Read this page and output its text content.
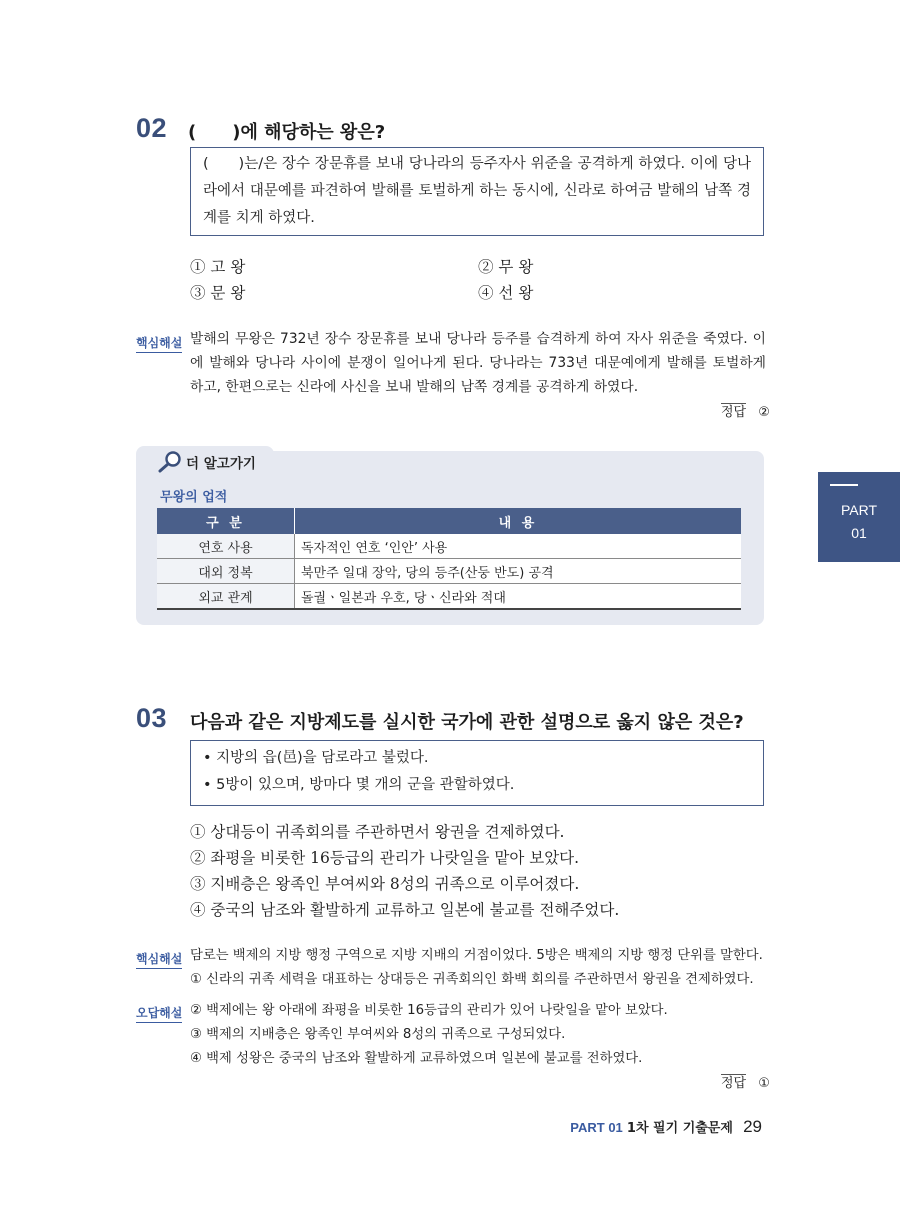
02 (　　)에 해당하는 왕은?
(　　)는/은 장수 장문휴를 보내 당나라의 등주자사 위준을 공격하게 하였다. 이에 당나라에서 대문예를 파견하여 발해를 토벌하게 하는 동시에, 신라로 하여금 발해의 남쪽 경계를 치게 하였다.
① 고 왕	② 무 왕
③ 문 왕	④ 선 왕
핵심해설 발해의 무왕은 732년 장수 장문휴를 보내 당나라 등주를 습격하게 하여 자사 위준을 죽였다. 이에 발해와 당나라 사이에 분쟁이 일어나게 된다. 당나라는 733년 대문예에게 발해를 토벌하게 하고, 한편으로는 신라에 사신을 보내 발해의 남쪽 경계를 공격하게 하였다.
정답 ②
더 알고가기
무왕의 업적
구 분	내 용
연호 사용	독자적인 연호 ‘인안’ 사용
대외 정복	북만주 일대 장악, 당의 등주(산둥 반도) 공격
외교 관계	돌궐ㆍ일본과 우호, 당ㆍ신라와 적대
PART
01
03 다음과 같은 지방제도를 실시한 국가에 관한 설명으로 옳지 않은 것은?
• 지방의 읍(邑)을 담로라고 불렀다.
• 5방이 있으며, 방마다 몇 개의 군을 관할하였다.
① 상대등이 귀족회의를 주관하면서 왕권을 견제하였다.
② 좌평을 비롯한 16등급의 관리가 나랏일을 맡아 보았다.
③ 지배층은 왕족인 부여씨와 8성의 귀족으로 이루어졌다.
④ 중국의 남조와 활발하게 교류하고 일본에 불교를 전해주었다.
핵심해설 담로는 백제의 지방 행정 구역으로 지방 지배의 거점이었다. 5방은 백제의 지방 행정 단위를 말한다.
① 신라의 귀족 세력을 대표하는 상대등은 귀족회의인 화백 회의를 주관하면서 왕권을 견제하였다.
오답해설 ② 백제에는 왕 아래에 좌평을 비롯한 16등급의 관리가 있어 나랏일을 맡아 보았다.
③ 백제의 지배층은 왕족인 부여씨와 8성의 귀족으로 구성되었다.
④ 백제 성왕은 중국의 남조와 활발하게 교류하였으며 일본에 불교를 전하였다.
정답 ①
PART 01 1차 필기 기출문제 29
